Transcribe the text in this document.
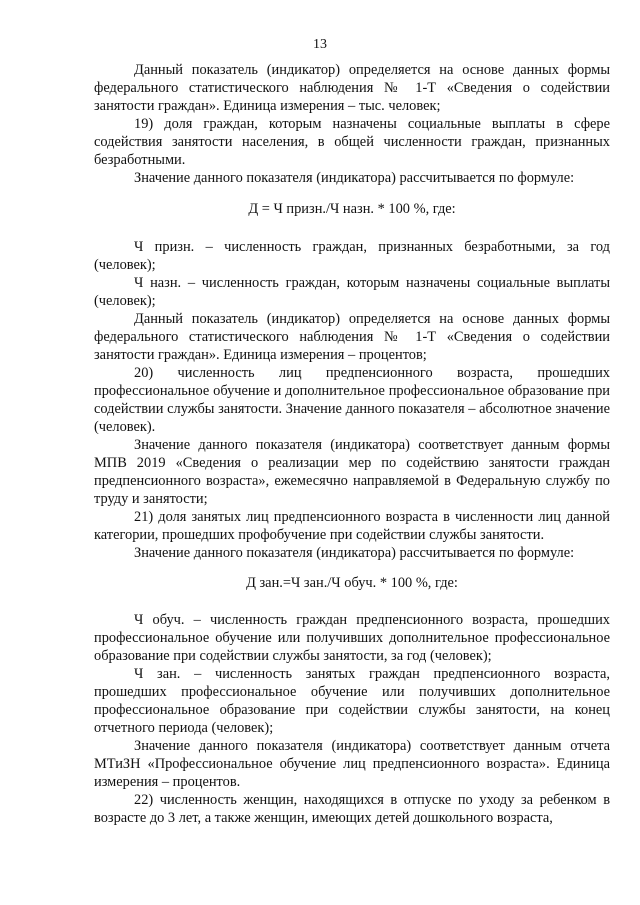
13

Данный показатель (индикатор) определяется на основе данных формы федерального статистического наблюдения № 1-Т «Сведения о содействии занятости граждан». Единица измерения – тыс. человек;

19) доля граждан, которым назначены социальные выплаты в сфере содействия занятости населения, в общей численности граждан, признанных безработными.

Значение данного показателя (индикатора) рассчитывается по формуле:

Д = Ч призн./Ч назн. * 100 %, где:

Ч призн. – численность граждан, признанных безработными, за год (человек);

Ч назн. – численность граждан, которым назначены социальные выплаты (человек);

Данный показатель (индикатор) определяется на основе данных формы федерального статистического наблюдения № 1-Т «Сведения о содействии занятости граждан». Единица измерения – процентов;

20) численность лиц предпенсионного возраста, прошедших профессиональное обучение и дополнительное профессиональное образование при содействии службы занятости. Значение данного показателя – абсолютное значение (человек).

Значение данного показателя (индикатора) соответствует данным формы МПВ 2019 «Сведения о реализации мер по содействию занятости граждан предпенсионного возраста», ежемесячно направляемой в Федеральную службу по труду и занятости;

21) доля занятых лиц предпенсионного возраста в численности лиц данной категории, прошедших профобучение при содействии службы занятости.

Значение данного показателя (индикатора) рассчитывается по формуле:

Д зан.=Ч зан./Ч обуч. * 100 %, где:

Ч обуч. – численность граждан предпенсионного возраста, прошедших профессиональное обучение или получивших дополнительное профессиональное образование при содействии службы занятости, за год (человек);

Ч зан. – численность занятых граждан предпенсионного возраста, прошедших профессиональное обучение или получивших дополнительное профессиональное образование при содействии службы занятости, на конец отчетного периода (человек);

Значение данного показателя (индикатора) соответствует данным отчета МТиЗН «Профессиональное обучение лиц предпенсионного возраста». Единица измерения – процентов.

22) численность женщин, находящихся в отпуске по уходу за ребенком в возрасте до 3 лет, а также женщин, имеющих детей дошкольного возраста,
